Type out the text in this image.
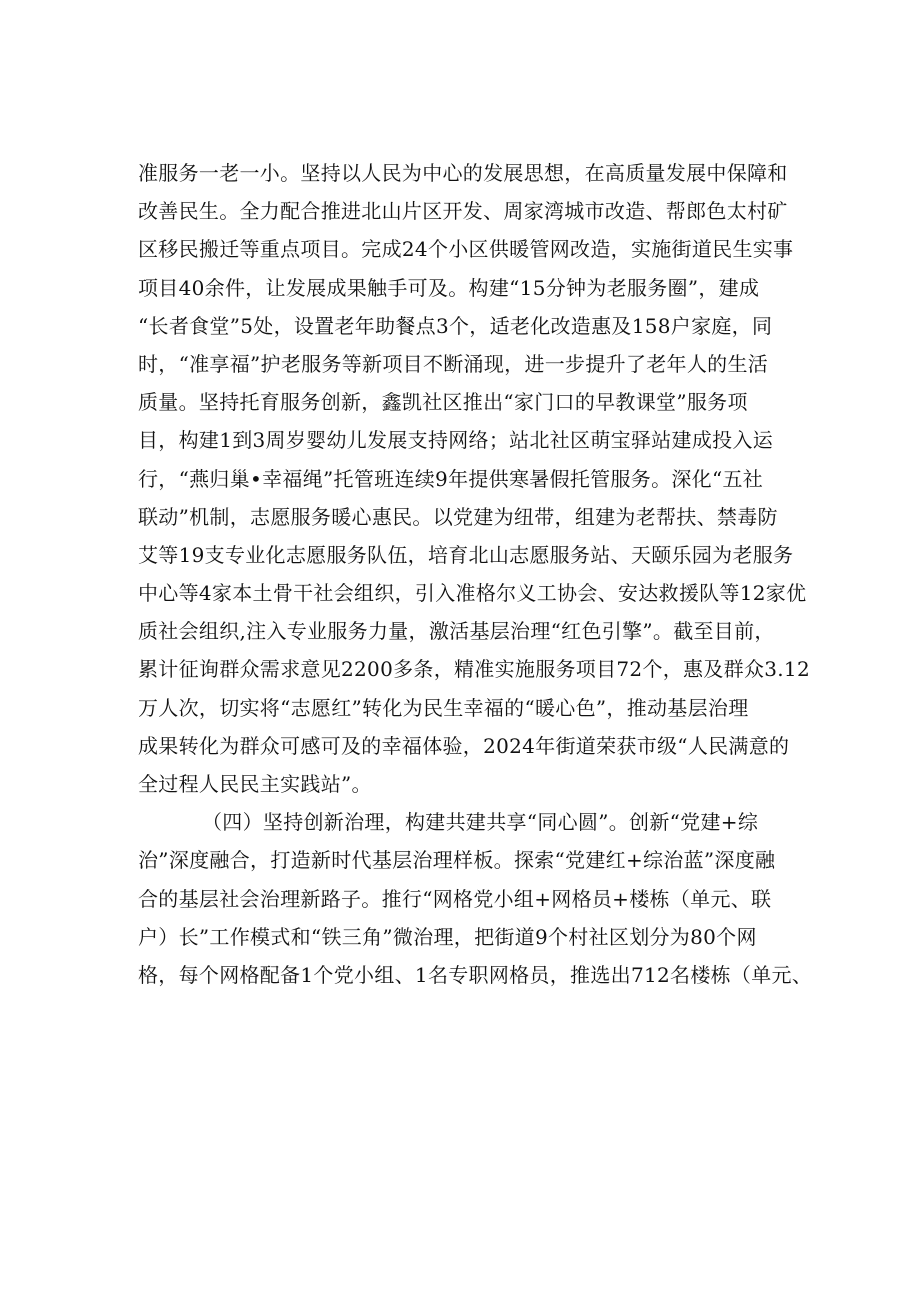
准服务一老一小。坚持以人民为中心的发展思想，在高质量发展中保障和
改善民生。全力配合推进北山片区开发、周家湾城市改造、帮郎色太村矿
区移民搬迁等重点项目。完成24个小区供暖管网改造，实施街道民生实事
项目40余件，让发展成果触手可及。构建“15分钟为老服务圈”，建成
“长者食堂”5处，设置老年助餐点3个，适老化改造惠及158户家庭，同
时，“准享福”护老服务等新项目不断涌现，进一步提升了老年人的生活
质量。坚持托育服务创新，鑫凯社区推出“家门口的早教课堂”服务项
目，构建1到3周岁婴幼儿发展支持网络；站北社区萌宝驿站建成投入运
行，“燕归巢•幸福绳”托管班连续9年提供寒暑假托管服务。深化“五社
联动”机制，志愿服务暖心惠民。以党建为纽带，组建为老帮扶、禁毒防
艾等19支专业化志愿服务队伍，培育北山志愿服务站、天颐乐园为老服务
中心等4家本土骨干社会组织，引入准格尔义工协会、安达救援队等12家优
质社会组织,注入专业服务力量，激活基层治理“红色引擎”。截至目前，
累计征询群众需求意见2200多条，精准实施服务项目72个，惠及群众3.12
万人次，切实将“志愿红”转化为民生幸福的“暖心色”，推动基层治理
成果转化为群众可感可及的幸福体验，2024年街道荣获市级“人民满意的
全过程人民民主实践站”。
（四）坚持创新治理，构建共建共享“同心圆”。创新“党建+综
治”深度融合，打造新时代基层治理样板。探索“党建红+综治蓝”深度融
合的基层社会治理新路子。推行“网格党小组+网格员+楼栋（单元、联
户）长”工作模式和“铁三角”微治理，把街道9个村社区划分为80个网
格，每个网格配备1个党小组、1名专职网格员，推选出712名楼栋（单元、
